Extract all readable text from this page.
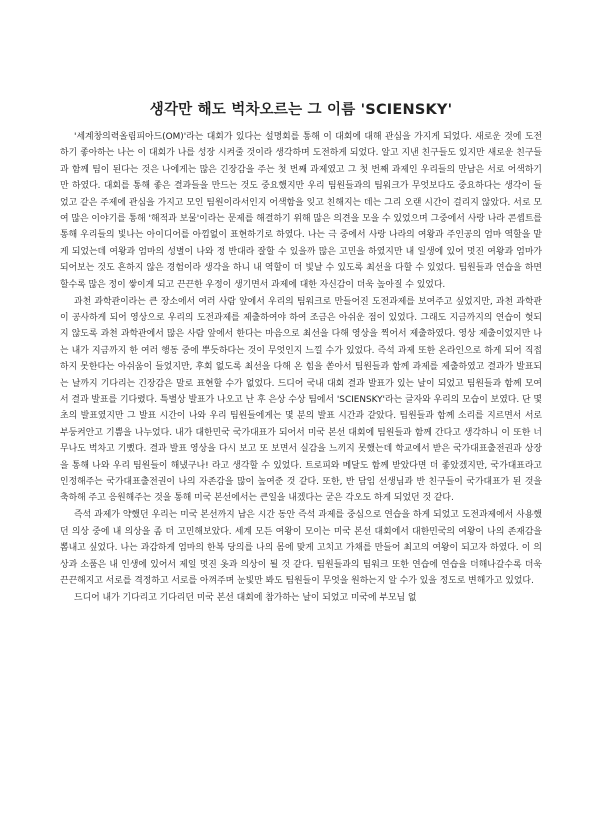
생각만 해도 벅차오르는 그 이름 'SCIENSKY'

'세계창의력올림피아드(OM)'라는 대회가 있다는 설명회를 통해 이 대회에 대해 관심을 가지게 되었다. 새로운 것에 도전하기 좋아하는 나는 이 대회가 나를 성장 시켜줄 것이라 생각하며 도전하게 되었다. 알고 지낸 친구들도 있지만 새로운 친구들과 함께 팀이 된다는 것은 나에게는 많은 긴장감을 주는 첫 번째 과제였고 그 첫 번째 과제인 우리들의 만남은 서로 어색하기만 하였다. 대회를 통해 좋은 결과들을 만드는 것도 중요했지만 우리 팀원들과의 팀워크가 무엇보다도 중요하다는 생각이 들었고 같은 주제에 관심을 가지고 모인 팀원이라서인지 어색함을 잊고 친해지는 데는 그리 오랜 시간이 걸리지 않았다. 서로 모여 많은 이야기를 통해 '해적과 보물'이라는 문제를 해결하기 위해 많은 의견을 모을 수 있었으며 그중에서 사랑 나라 콘셉트를 통해 우리들의 빛나는 아이디어를 아낌없이 표현하기로 하였다. 나는 극 중에서 사랑 나라의 여왕과 주인공의 엄마 역할을 맡게 되었는데 여왕과 엄마의 성별이 나와 정 반대라 잘할 수 있을까 많은 고민을 하였지만 내 일생에 있어 멋진 여왕과 엄마가 되어보는 것도 흔하지 않은 경험이라 생각을 하니 내 역할이 더 빛날 수 있도록 최선을 다할 수 있었다. 팀원들과 연습을 하면 할수록 많은 정이 쌓이게 되고 끈끈한 우정이 생기면서 과제에 대한 자신감이 더욱 높아질 수 있었다.

과천 과학관이라는 큰 장소에서 여러 사람 앞에서 우리의 팀워크로 만들어진 도전과제를 보여주고 싶었지만, 과천 과학관이 공사하게 되어 영상으로 우리의 도전과제를 제출하여야 하여 조금은 아쉬운 점이 있었다. 그래도 지금까지의 연습이 헛되지 않도록 과천 과학관에서 많은 사람 앞에서 한다는 마음으로 최선을 다해 영상을 찍어서 제출하였다. 영상 제출이었지만 나는 내가 지금까지 한 여러 행동 중에 뿌듯하다는 것이 무엇인지 느낄 수가 있었다. 즉석 과제 또한 온라인으로 하게 되어 직접 하지 못한다는 아쉬움이 들었지만, 후회 없도록 최선을 다해 온 힘을 쏟아서 팀원들과 함께 과제를 제출하였고 결과가 발표되는 날까지 기다리는 긴장감은 말로 표현할 수가 없었다. 드디어 국내 대회 결과 발표가 있는 날이 되었고 팀원들과 함께 모여서 결과 발표를 기다렸다. 특별상 발표가 나오고 난 후 은상 수상 팀에서 'SCIENSKY'라는 글자와 우리의 모습이 보였다. 단 몇 초의 발표였지만 그 발표 시간이 나와 우리 팀원들에게는 몇 분의 발표 시간과 같았다. 팀원들과 함께 소리를 지르면서 서로 부둥켜안고 기쁨을 나누었다. 내가 대한민국 국가대표가 되어서 미국 본선 대회에 팀원들과 함께 간다고 생각하니 이 또한 너무나도 벅차고 기뻤다. 결과 발표 영상을 다시 보고 또 보면서 실감을 느끼지 못했는데 학교에서 받은 국가대표출전권과 상장을 통해 나와 우리 팀원들이 해냈구나! 라고 생각할 수 있었다. 트로피와 메달도 함께 받았다면 더 좋았겠지만, 국가대표라고 인정해주는 국가대표출전권이 나의 자존감을 많이 높여준 것 같다. 또한, 반 담임 선생님과 반 친구들이 국가대표가 된 것을 축하해 주고 응원해주는 것을 통해 미국 본선에서는 큰일을 내겠다는 굳은 각오도 하게 되었던 것 같다.

즉석 과제가 약했던 우리는 미국 본선까지 남은 시간 동안 즉석 과제를 중심으로 연습을 하게 되었고 도전과제에서 사용했던 의상 중에 내 의상을 좀 더 고민해보았다. 세계 모든 여왕이 모이는 미국 본선 대회에서 대한민국의 여왕이 나의 존재감을 뽐내고 싶었다. 나는 과감하게 엄마의 한복 당의를 나의 몸에 맞게 고치고 가채를 만들어 최고의 여왕이 되고자 하였다. 이 의상과 소품은 내 인생에 있어서 제일 멋진 옷과 의상이 될 것 같다. 팀원들과의 팀워크 또한 연습에 연습을 더해나갈수록 더욱 끈끈해지고 서로를 격정하고 서로를 아껴주며 눈빛만 봐도 팀원들이 무엇을 원하는지 알 수가 있을 정도로 변해가고 있었다.

드디어 내가 기다리고 기다리던 미국 본선 대회에 참가하는 날이 되었고 미국에 부모님 없
